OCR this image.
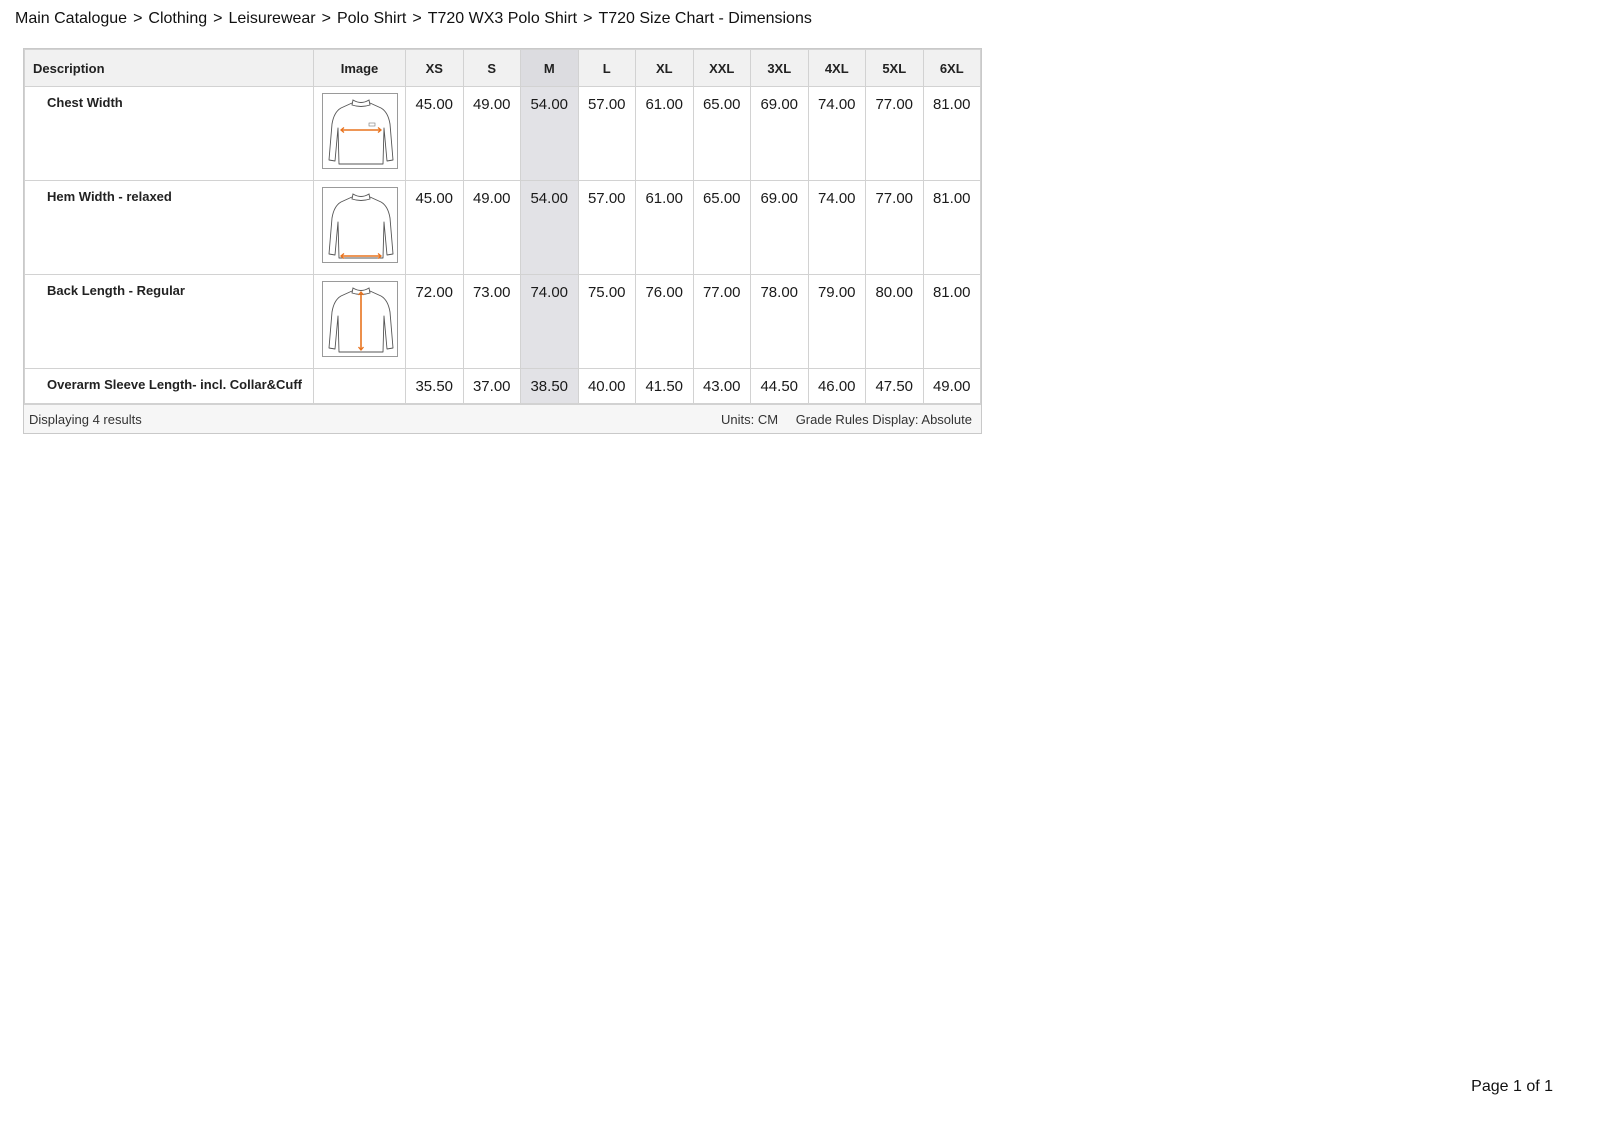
Main Catalogue > Clothing > Leisurewear > Polo Shirt > T720 WX3 Polo Shirt > T720 Size Chart - Dimensions
Description	Image	XS	S	M	L	XL	XXL	3XL	4XL	5XL	6XL
Chest Width		45.00	49.00	54.00	57.00	61.00	65.00	69.00	74.00	77.00	81.00
Hem Width - relaxed		45.00	49.00	54.00	57.00	61.00	65.00	69.00	74.00	77.00	81.00
Back Length - Regular		72.00	73.00	74.00	75.00	76.00	77.00	78.00	79.00	80.00	81.00
Overarm Sleeve Length- incl. Collar&Cuff		35.50	37.00	38.50	40.00	41.50	43.00	44.50	46.00	47.50	49.00
Displaying 4 results	Units: CM Grade Rules Display: Absolute
Page 1 of 1
